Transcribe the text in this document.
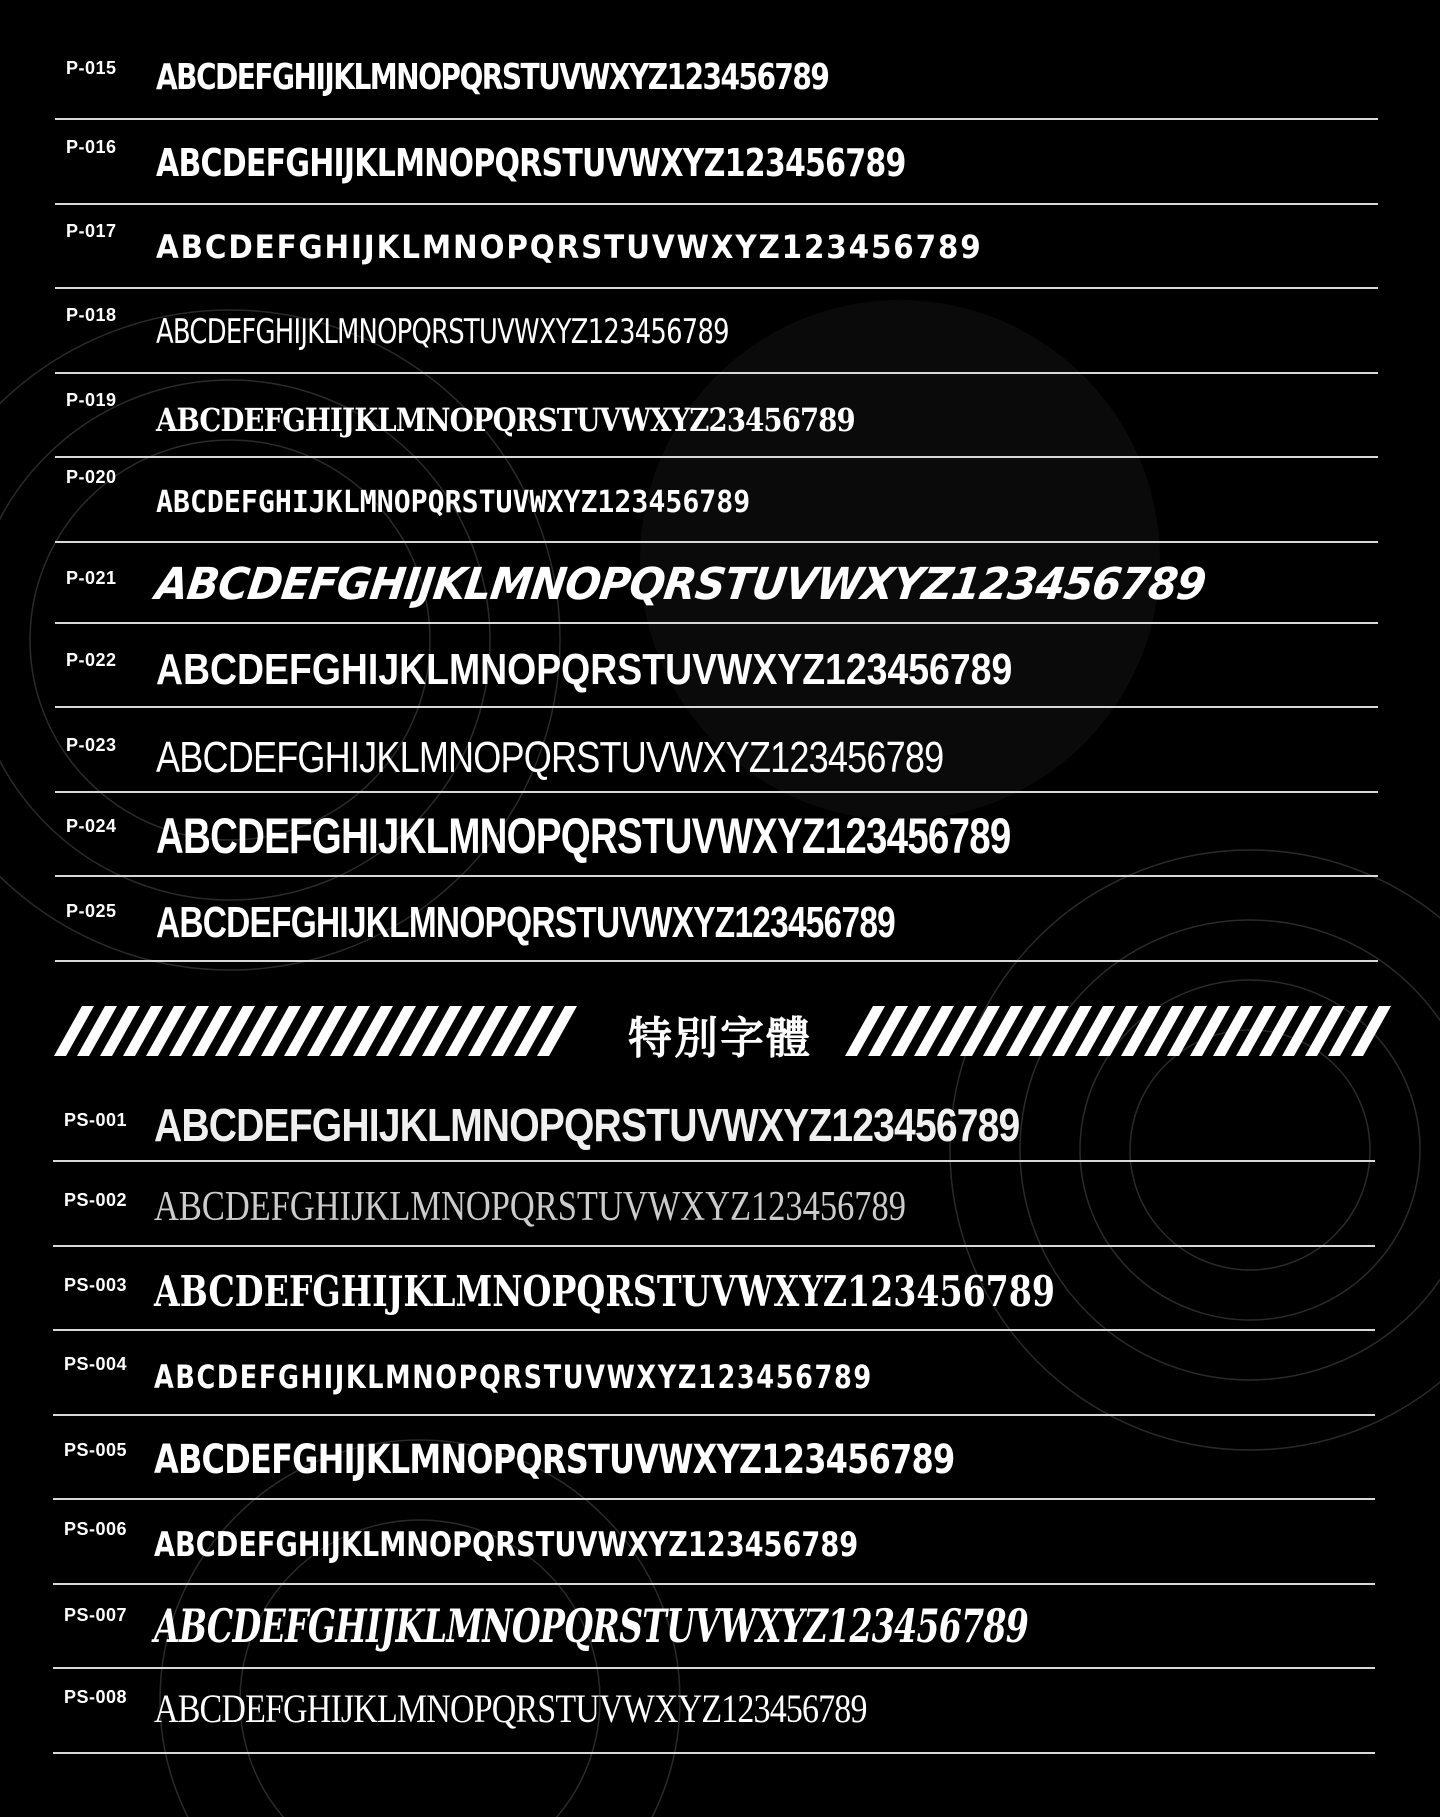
P-015 ABCDEFGHIJKLMNOPQRSTUVWXYZ123456789
P-016 ABCDEFGHIJKLMNOPQRSTUVWXYZ123456789
P-017 ABCDEFGHIJKLMNOPQRSTUVWXYZ123456789
P-018 ABCDEFGHIJKLMNOPQRSTUVWXYZ123456789
P-019
ABCDEFGHIJKLMNOPQRSTUVWXYZ23456789
P-020
ABCDEFGHIJKLMNOPQRSTUVWXYZ123456789
P-021 ABCDEFGHIJKLMNOPQRSTUVWXYZ123456789
P-022 ABCDEFGHIJKLMNOPQRSTUVWXYZ123456789
P-023 ABCDEFGHIJKLMNOPQRSTUVWXYZ123456789
P-024 ABCDEFGHIJKLMNOPQRSTUVWXYZ123456789
P-025 ABCDEFGHIJKLMNOPQRSTUVWXYZ123456789
特別字體
PS-001 ABCDEFGHIJKLMNOPQRSTUVWXYZ123456789
PS-002 ABCDEFGHIJKLMNOPQRSTUVWXYZ123456789
PS-003 ABCDEFGHIJKLMNOPQRSTUVWXYZ123456789
PS-004 ABCDEFGHIJKLMNOPQRSTUVWXYZ123456789
PS-005 ABCDEFGHIJKLMNOPQRSTUVWXYZ123456789
PS-006 ABCDEFGHIJKLMNOPQRSTUVWXYZ123456789
PS-007 ABCDEFGHIJKLMNOPQRSTUVWXYZ123456789
PS-008 ABCDEFGHIJKLMNOPQRSTUVWXYZ123456789
